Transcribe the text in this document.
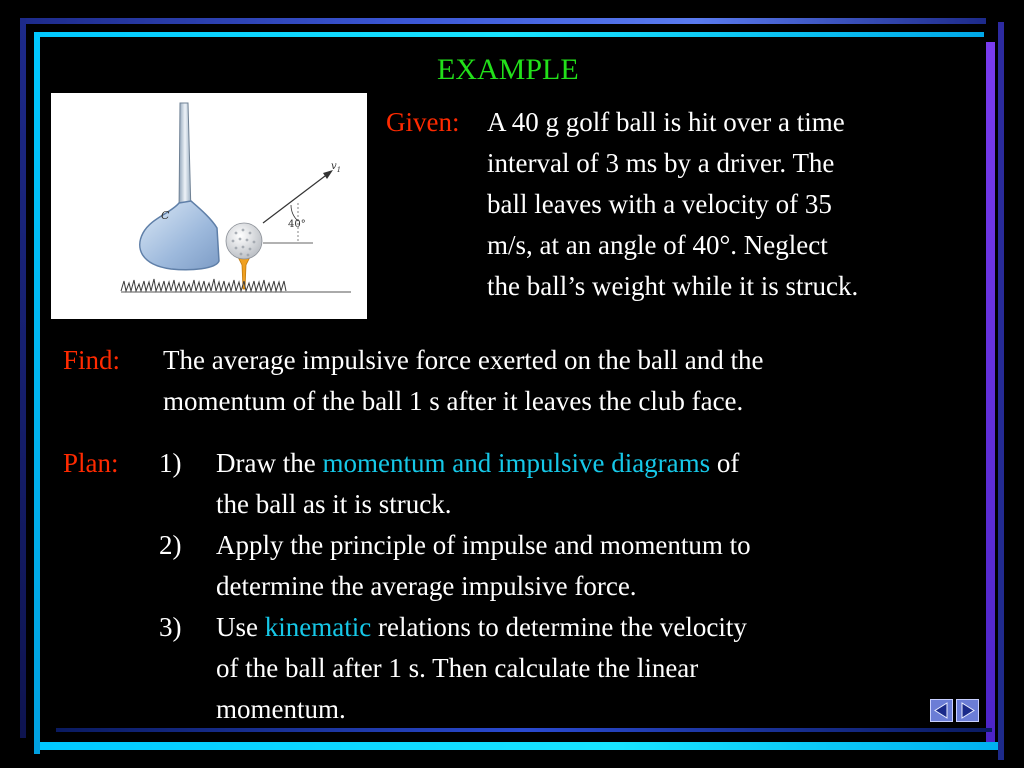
EXAMPLE
C
$v_1$
40°
Given: A 40 g golf ball is hit over a time
interval of 3 ms by a driver. The
ball leaves with a velocity of 35
m/s, at an angle of 40°. Neglect
the ball’s weight while it is struck.
Find: The average impulsive force exerted on the ball and the
momentum of the ball 1 s after it leaves the club face.
Plan: 1) Draw the momentum and impulsive diagrams of
the ball as it is struck.
2) Apply the principle of impulse and momentum to
determine the average impulsive force.
3) Use kinematic relations to determine the velocity
of the ball after 1 s. Then calculate the linear
momentum.
